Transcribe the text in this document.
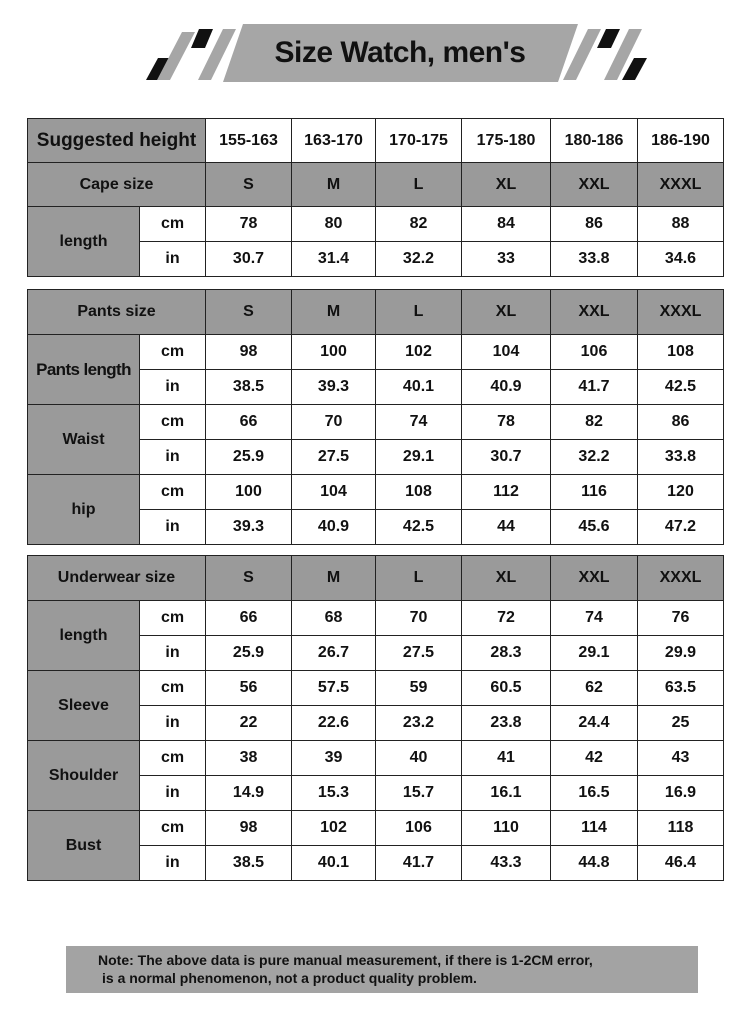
Size Watch, men's
Suggested height		155-163	163-170	170-175	175-180	180-186	186-190
Cape size		S	M	L	XL	XXL	XXXL
length	cm	78	80	82	84	86	88
	in	30.7	31.4	32.2	33	33.8	34.6
Pants size		S	M	L	XL	XXL	XXXL
Pants length	cm	98	100	102	104	106	108
	in	38.5	39.3	40.1	40.9	41.7	42.5
Waist	cm	66	70	74	78	82	86
	in	25.9	27.5	29.1	30.7	32.2	33.8
hip	cm	100	104	108	112	116	120
	in	39.3	40.9	42.5	44	45.6	47.2
Underwear size		S	M	L	XL	XXL	XXXL
length	cm	66	68	70	72	74	76
	in	25.9	26.7	27.5	28.3	29.1	29.9
Sleeve	cm	56	57.5	59	60.5	62	63.5
	in	22	22.6	23.2	23.8	24.4	25
Shoulder	cm	38	39	40	41	42	43
	in	14.9	15.3	15.7	16.1	16.5	16.9
Bust	cm	98	102	106	110	114	118
	in	38.5	40.1	41.7	43.3	44.8	46.4
Note: The above data is pure manual measurement, if there is 1-2CM error,
is a normal phenomenon, not a product quality problem.
